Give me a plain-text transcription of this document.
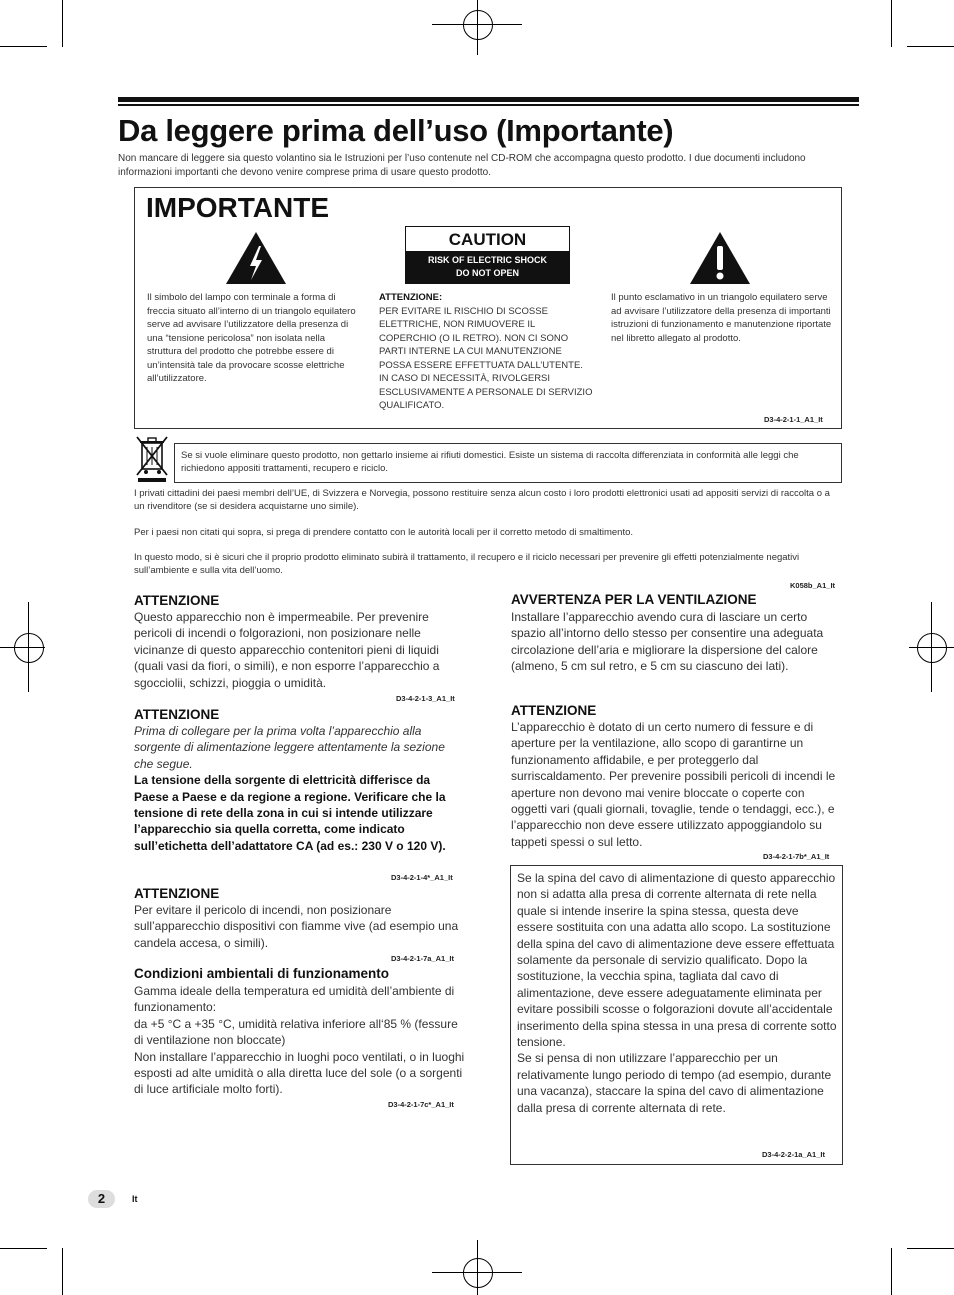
Da leggere prima dell’uso (Importante)
Non mancare di leggere sia questo volantino sia le Istruzioni per l’uso contenute nel CD-ROM che accompagna questo prodotto. I due documenti includono informazioni importanti che devono venire comprese prima di usare questo prodotto.
IMPORTANTE
CAUTION
RISK OF ELECTRIC SHOCK
DO NOT OPEN
Il simbolo del lampo con terminale a forma di freccia situato all’interno di un triangolo equilatero serve ad avvisare l’utilizzatore della presenza di una “tensione pericolosa” non isolata nella struttura del prodotto che potrebbe essere di un’intensità tale da provocare scosse elettriche all’utilizzatore.
ATTENZIONE:
PER EVITARE IL RISCHIO DI SCOSSE ELETTRICHE, NON RIMUOVERE IL COPERCHIO (O IL RETRO). NON CI SONO PARTI INTERNE LA CUI MANUTENZIONE POSSA ESSERE EFFETTUATA DALL’UTENTE. IN CASO DI NECESSITÀ, RIVOLGERSI ESCLUSIVAMENTE A PERSONALE DI SERVIZIO QUALIFICATO.
Il punto esclamativo in un triangolo equilatero serve ad avvisare l’utilizzatore della presenza di importanti istruzioni di funzionamento e manutenzione riportate nel libretto allegato al prodotto.
D3-4-2-1-1_A1_It
Se si vuole eliminare questo prodotto, non gettarlo insieme ai rifiuti domestici. Esiste un sistema di raccolta differenziata in conformità alle leggi che richiedono appositi trattamenti, recupero e riciclo.
I privati cittadini dei paesi membri dell’UE, di Svizzera e Norvegia, possono restituire senza alcun costo i loro prodotti elettronici usati ad appositi servizi di raccolta o a un rivenditore (se si desidera acquistarne uno simile).
Per i paesi non citati qui sopra, si prega di prendere contatto con le autorità locali per il corretto metodo di smaltimento.
In questo modo, si è sicuri che il proprio prodotto eliminato subirà il trattamento, il recupero e il riciclo necessari per prevenire gli effetti potenzialmente negativi sull’ambiente e sulla vita dell’uomo.
K058b_A1_It
ATTENZIONE
Questo apparecchio non è impermeabile. Per prevenire pericoli di incendi o folgorazioni, non posizionare nelle vicinanze di questo apparecchio contenitori pieni di liquidi (quali vasi da fiori, o simili), e non esporre l’apparecchio a sgocciolii, schizzi, pioggia o umidità.
D3-4-2-1-3_A1_It
ATTENZIONE
Prima di collegare per la prima volta l’apparecchio alla sorgente di alimentazione leggere attentamente la sezione che segue.
La tensione della sorgente di elettricità differisce da Paese a Paese e da regione a regione. Verificare che la tensione di rete della zona in cui si intende utilizzare l’apparecchio sia quella corretta, come indicato sull’etichetta dell’adattatore CA (ad es.: 230 V o 120 V).
D3-4-2-1-4*_A1_It
ATTENZIONE
Per evitare il pericolo di incendi, non posizionare sull’apparecchio dispositivi con fiamme vive (ad esempio una candela accesa, o simili).
D3-4-2-1-7a_A1_It
Condizioni ambientali di funzionamento
Gamma ideale della temperatura ed umidità dell’ambiente di funzionamento:
da +5 °C a +35 °C, umidità relativa inferiore all‘85 % (fessure di ventilazione non bloccate)
Non installare l’apparecchio in luoghi poco ventilati, o in luoghi esposti ad alte umidità o alla diretta luce del sole (o a sorgenti di luce artificiale molto forti).
D3-4-2-1-7c*_A1_It
AVVERTENZA PER LA VENTILAZIONE
Installare l’apparecchio avendo cura di lasciare un certo spazio all’intorno dello stesso per consentire una adeguata circolazione dell’aria e migliorare la dispersione del calore (almeno, 5 cm sul retro, e 5 cm su ciascuno dei lati).
ATTENZIONE
L’apparecchio è dotato di un certo numero di fessure e di aperture per la ventilazione, allo scopo di garantirne un funzionamento affidabile, e per proteggerlo dal surriscaldamento. Per prevenire possibili pericoli di incendi le aperture non devono mai venire bloccate o coperte con oggetti vari (quali giornali, tovaglie, tende o tendaggi, ecc.), e l’apparecchio non deve essere utilizzato appoggiandolo su tappeti spessi o sul letto.
D3-4-2-1-7b*_A1_It
Se la spina del cavo di alimentazione di questo apparecchio non si adatta alla presa di corrente alternata di rete nella quale si intende inserire la spina stessa, questa deve essere sostituita con una adatta allo scopo. La sostituzione della spina del cavo di alimentazione deve essere effettuata solamente da personale di servizio qualificato. Dopo la sostituzione, la vecchia spina, tagliata dal cavo di alimentazione, deve essere adeguatamente eliminata per evitare possibili scosse o folgorazioni dovute all’accidentale inserimento della spina stessa in una presa di corrente sotto tensione.
Se si pensa di non utilizzare l’apparecchio per un relativamente lungo periodo di tempo (ad esempio, durante una vacanza), staccare la spina del cavo di alimentazione dalla presa di corrente alternata di rete.
D3-4-2-2-1a_A1_It
2	It
